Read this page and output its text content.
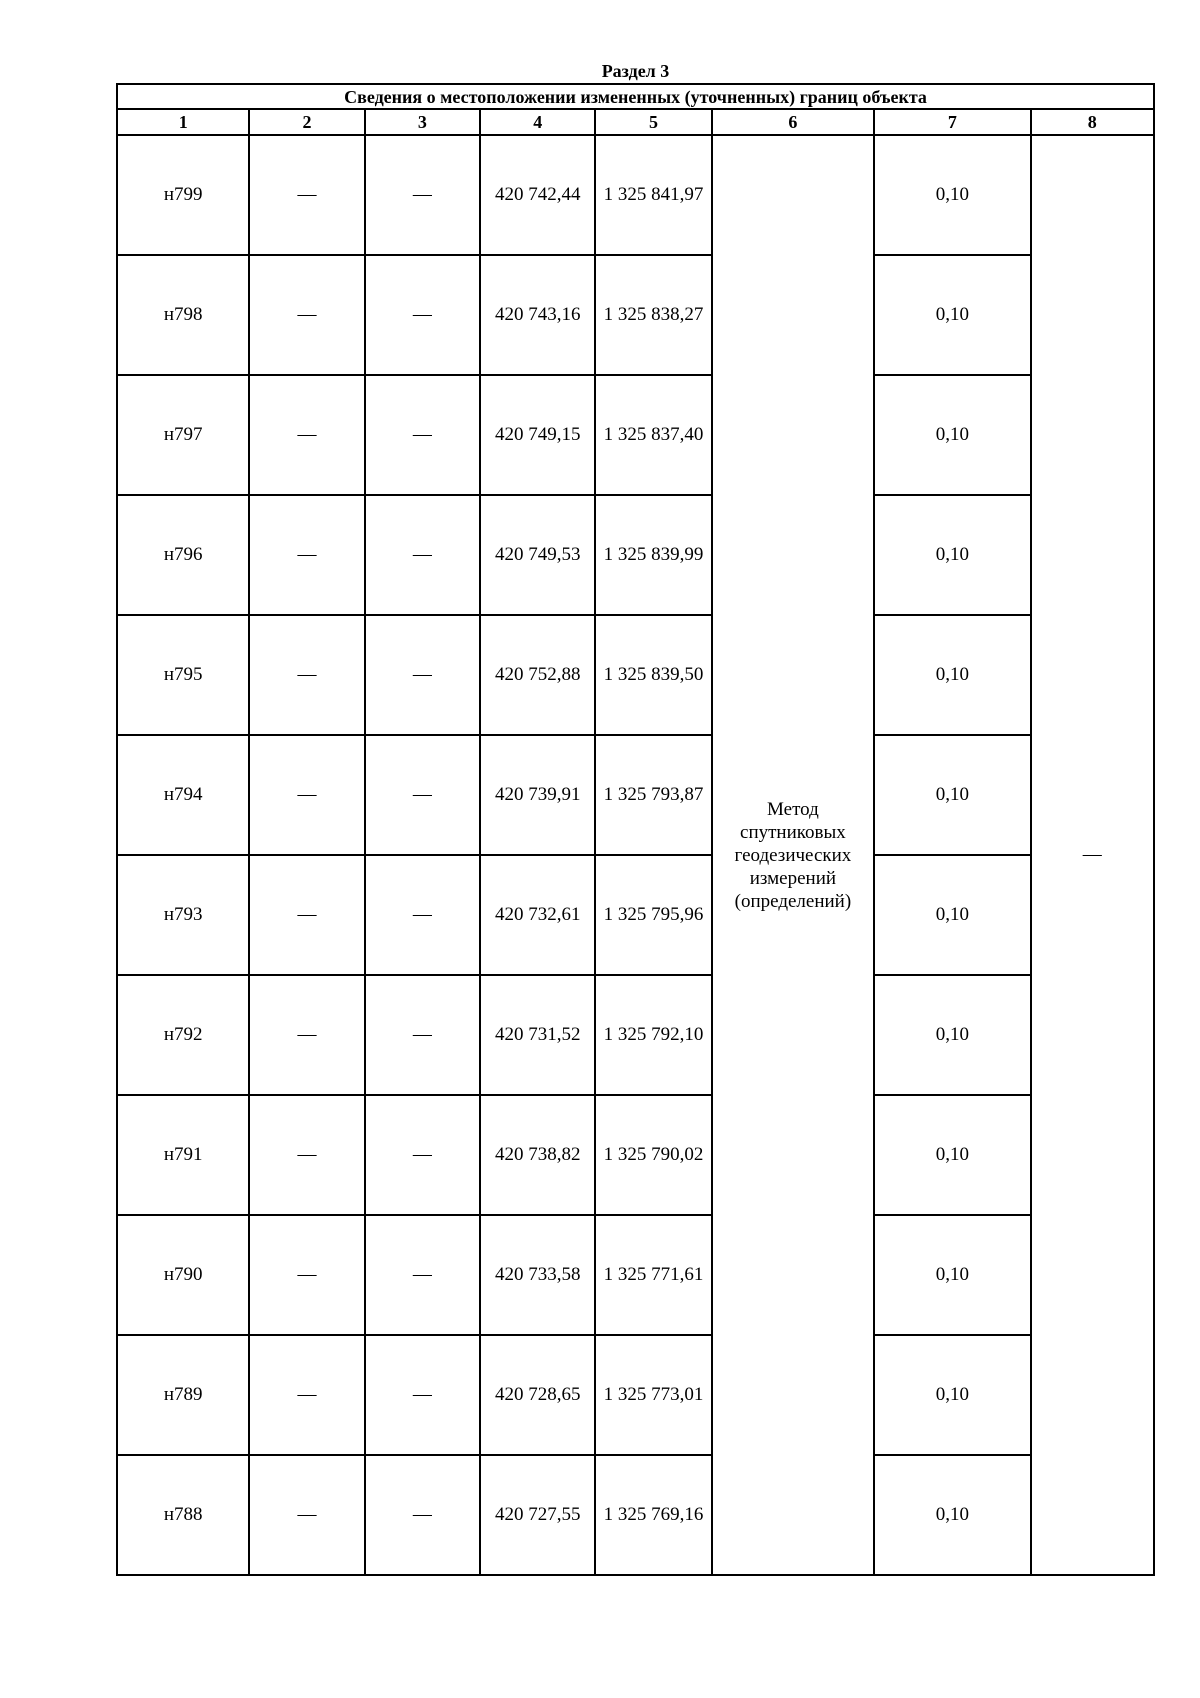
Раздел 3
Сведения о местоположении измененных (уточненных) границ объекта							
1	2	3	4	5	6	7	8
н799	—	—	420 742,44	1 325 841,97	Метод
спутниковых
геодезических
измерений
(определений)	0,10	—
н798	—	—	420 743,16	1 325 838,27		0,10	
н797	—	—	420 749,15	1 325 837,40		0,10	
н796	—	—	420 749,53	1 325 839,99		0,10	
н795	—	—	420 752,88	1 325 839,50		0,10	
н794	—	—	420 739,91	1 325 793,87		0,10	
н793	—	—	420 732,61	1 325 795,96		0,10	
н792	—	—	420 731,52	1 325 792,10		0,10	
н791	—	—	420 738,82	1 325 790,02		0,10	
н790	—	—	420 733,58	1 325 771,61		0,10	
н789	—	—	420 728,65	1 325 773,01		0,10	
н788	—	—	420 727,55	1 325 769,16		0,10	
